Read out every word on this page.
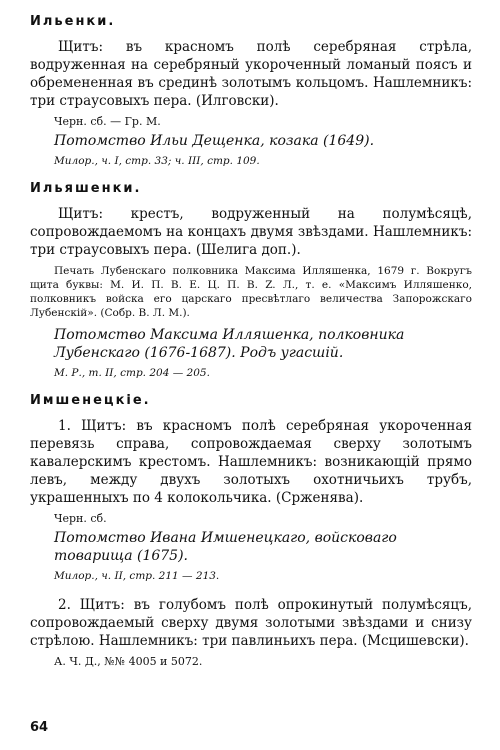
Ильенки.

Щитъ: въ красномъ полѣ серебряная стрѣла, водруженная на серебряный укороченный ломаный поясъ и обремененная въ срединѣ золотымъ кольцомъ. Нашлемникъ: три страусовыхъ пера. (Илговски).

Черн. сб. — Гр. М.
Потомство Ильи Дещенка, козака (1649).
Милор., ч. I, стр. 33; ч. III, стр. 109.
Ильяшенки.

Щитъ: крестъ, водруженный на полумѣсяцѣ, сопровождаемомъ на концахъ двумя звѣздами. Нашлемникъ: три страусовыхъ пера. (Шелига доп.).

Печать Лубенскаго полковника Максима Илляшенка, 1679 г. Вокругъ щита буквы: М. И. П. В. Е. Ц. П. В. Z. Л., т. е. «Максимъ Илляшенко, полковникъ войска его царскаго пресвѣтлаго величества Запорожскаго Лубенскій». (Собр. В. Л. М.).

Потомство Максима Илляшенка, полковника Лубенскаго (1676-1687). Родъ угасшій.
М. Р., т. II, стр. 204 — 205.
Имшенецкіе.

1. Щитъ: въ красномъ полѣ серебряная укороченная перевязь справа, сопровождаемая сверху золотымъ кавалерскимъ крестомъ. Нашлемникъ: возникающій прямо левъ, между двухъ золотыхъ охотничьихъ трубъ, украшенныхъ по 4 колокольчика. (Срженява).

Черн. сб.
Потомство Ивана Имшенецкаго, войсковаго товарища (1675).
Милор., ч. II, стр. 211 — 213.

2. Щитъ: въ голубомъ полѣ опрокинутый полумѣсяцъ, сопровождаемый сверху двумя золотыми звѣздами и снизу стрѣлою. Нашлемникъ: три павлиньихъ пера. (Мсцишевски).

А. Ч. Д., №№ 4005 и 5072.
64
